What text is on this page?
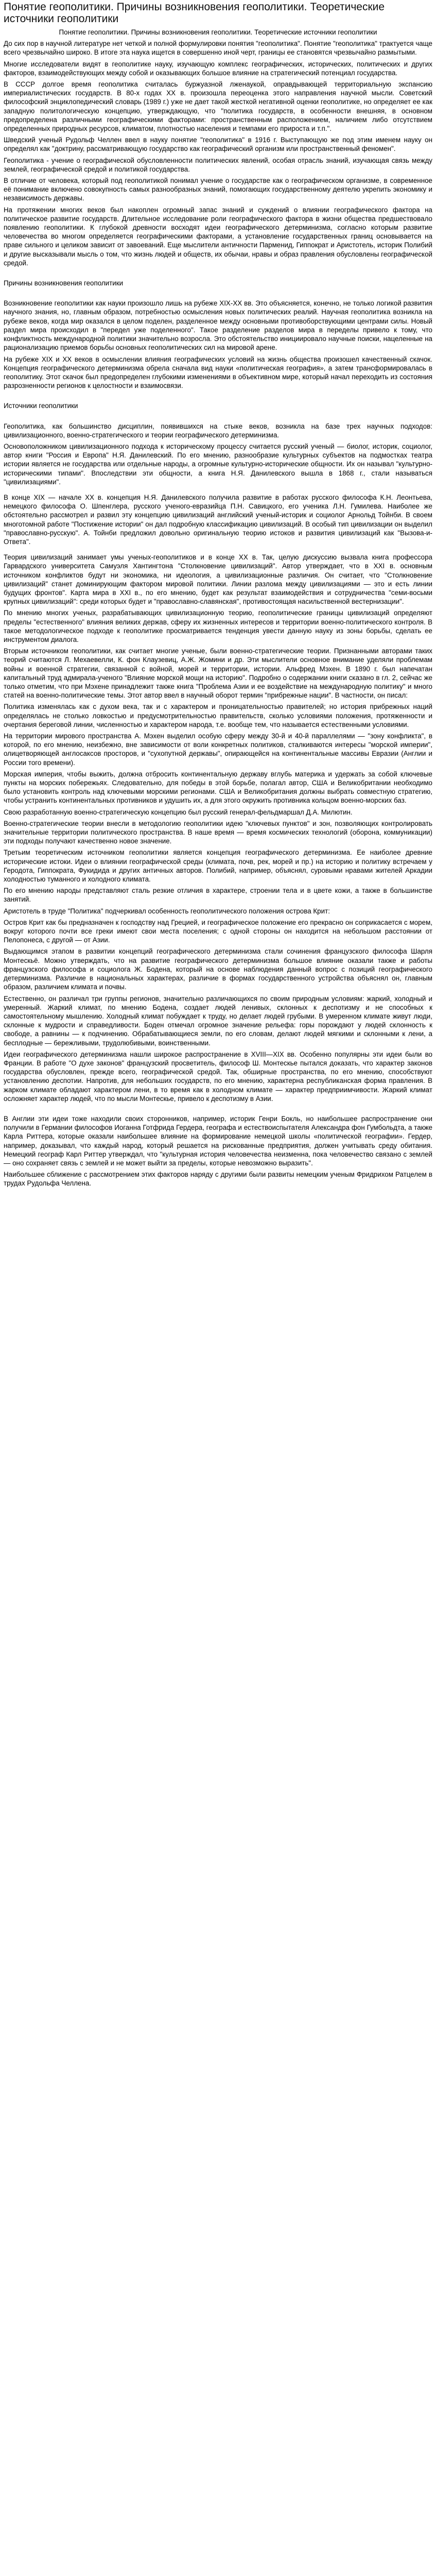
Понятие геополитики. Причины возникновения геополитики. Теоретические источники геополитики

Понятие геополитики. Причины возникновения геополитики. Теоретические источники геополитики

До сих пор в научной литературе нет четкой и полной формулировки понятия "геополитика". Понятие "геополитика" трактуется чаще всего чрезвычайно широко. В итоге эта наука ищется в совершенно иной черт, границы ее становятся чрезвычайно размытыми.

Многие исследователи видят в геополитике науку, изучающую комплекс географических, исторических, политических и других факторов, взаимодействующих между собой и оказывающих большое влияние на стратегический потенциал государства.

В СССР долгое время геополитика считалась буржуазной лженаукой, оправдывающей территориальную экспансию империалистических государств. В 80-х годах XX в. произошла переоценка этого направления научной мысли. Советский философский энциклопедический словарь (1989 г.) уже не дает такой жесткой негативной оценки геополитике, но определяет ее как западную политологическую концепцию, утверждающую, что "политика государств, в особенности внешняя, в основном предопределена различными географическими факторами: пространственным расположением, наличием либо отсутствием определенных природных ресурсов, климатом, плотностью населения и темпами его прироста и т.п.".

Шведский ученый Рудольф Челлен ввел в науку понятие "геополитика" в 1916 г. Выступающую же под этим именем науку он определял как "доктрину, рассматривающую государство как географический организм или пространственный феномен".

Геополитика - учение о географической обусловленности политических явлений, особая отрасль знаний, изучающая связь между землей, географической средой и политикой государства.

В отличие от человека, который под геополитикой понимал учение о государстве как о географическом организме, в современное её понимание включено совокупность самых разнообразных знаний, помогающих государственному деятелю укрепить экономику и независимость державы.

На протяжении многих веков был накоплен огромный запас знаний и суждений о влиянии географического фактора на политическое развитие государств. Длительное исследование роли географического фактора в жизни общества предшествовало появлению геополитики. К глубокой древности восходят идеи географического детерминизма, согласно которым развитие человечества во многом определяется географическими факторами, а установление государственных границ основывается на праве сильного и целиком зависит от завоеваний. Еще мыслители античности Парменид, Гиппократ и Аристотель, историк Полибий и другие высказывали мысль о том, что жизнь людей и обществ, их обычаи, нравы и образ правления обусловлены географической средой.

Причины возникновения геополитики

Возникновение геополитики как науки произошло лишь на рубеже XIX-XX вв. Это объясняется, конечно, не только логикой развития научного знания, но, главным образом, потребностью осмысления новых политических реалий. Научная геополитика возникла на рубеже веков, когда мир оказался в целом поделен, разделенное между основными противоборствующими центрами силы. Новый раздел мира происходил в "передел уже поделенного". Такое разделение разделов мира в переделы привело к тому, что конфликтность международной политики значительно возросла. Это обстоятельство инициировало научные поиски, нацеленные на рационализацию приемов борьбы основных геополитических сил на мировой арене.

На рубеже XIX и XX веков в осмыслении влияния географических условий на жизнь общества произошел качественный скачок. Концепция географического детерминизма обрела сначала вид науки «политическая география», а затем трансформировалась в геополитику. Этот скачок был предопределен глубокими изменениями в объективном мире, который начал переходить из состояния разрозненности регионов к целостности и взаимосвязи.

Источники геополитики

Геополитика, как большинство дисциплин, появившихся на стыке веков, возникла на базе трех научных подходов: цивилизационного, военно-стратегического и теории географического детерминизма.

Основоположником цивилизационного подхода к историческому процессу считается русский ученый — биолог, историк, социолог, автор книги "Россия и Европа" Н.Я. Данилевский. По его мнению, разнообразие культурных субъектов на подмостках театра истории является не государства или отдельные народы, а огромные культурно-исторические общности. Их он называл "культурно-историческими типами". Впоследствии эти общности, а книга Н.Я. Данилевского вышла в 1868 г., стали называться "цивилизациями".

В конце XIX — начале XX в. концепция Н.Я. Данилевского получила развитие в работах русского философа К.Н. Леонтьева, немецкого философа О. Шпенглера, русского ученого-евразийца П.Н. Савицкого, его ученика Л.Н. Гумилева. Наиболее же обстоятельно рассмотрел и развил эту концепцию цивилизаций английский ученый-историк и социолог Арнольд Тойнби. В своем многотомной работе "Постижение истории" он дал подробную классификацию цивилизаций. В особый тип цивилизации он выделил "православно-русскую". А. Тойнби предложил довольно оригинальную теорию истоков и развития цивилизаций как "Вызова-и-Ответа".

Теория цивилизаций занимает умы ученых-геополитиков и в конце XX в. Так, целую дискуссию вызвала книга профессора Гарвардского университета Самуэля Хантингтона "Столкновение цивилизаций". Автор утверждает, что в XXI в. основным источником конфликтов будут ни экономика, ни идеология, а цивилизационные различия. Он считает, что "Столкновение цивилизаций" станет доминирующим фактором мировой политики. Линии разлома между цивилизациями — это и есть линии будущих фронтов". Карта мира в XXI в., по его мнению, будет как результат взаимодействия и сотрудничества "семи-восьми крупных цивилизаций": среди которых будет и "православно-славянская", противостоящая насильственной вестернизации".

По мнению многих ученых, разрабатывающих цивилизационную теорию, геополитические границы цивилизаций определяют пределы "естественного" влияния великих держав, сферу их жизненных интересов и территории военно-политического контроля. В такое методологическое подходе к геополитике просматривается тенденция увести данную науку из зоны борьбы, сделать ее инструментом диалога.

Вторым источником геополитики, как считает многие ученые, были военно-стратегические теории. Признанными авторами таких теорий считаются Л. Мехаевелли, К. фон Клаузевиц, А.Ж. Жомини и др. Эти мыслители основное внимание уделяли проблемам войны и военной стратегии, связанной с войной, морей и территории, истории. Альфред Мэхен. В 1890 г. был напечатан капитальный труд адмирала-ученого "Влияние морской мощи на историю". Подробно о содержании книги сказано в гл. 2, сейчас же только отметим, что при Мэхене принадлежит также книга "Проблема Азии и ее воздействие на международную политику" и много статей на военно-политические темы. Этот автор ввел в научный оборот термин "прибрежные нации". В частности, он писал:

Политика изменялась как с духом века, так и с характером и проницательностью правителей; но история прибрежных наций определялась не столько ловкостью и предусмотрительностью правительств, сколько условиями положения, протяженности и очертания береговой линии, численностью и характером народа, т.е. вообще тем, что называется естественными условиями.

На территории мирового пространства А. Мэхен выделил особую сферу между 30-й и 40-й параллелями — "зону конфликта", в которой, по его мнению, неизбежно, вне зависимости от воли конкретных политиков, сталкиваются интересы "морской империи", олицетворяющей англосаксов просторов, и "сухопутной державы", опирающейся на континентальные массивы Евразии (Англии и России того времени).

Морская империя, чтобы выжить, должна отбросить континентальную державу вглубь материка и удержать за собой ключевые пункты на морских побережьях. Следовательно, для победы в этой борьбе, полагал автор, США и Великобритании необходимо было установить контроль над ключевыми морскими регионами. США и Великобритания должны выбрать совместную стратегию, чтобы устранить континентальных противников и удушить их, а для этого окружить противника кольцом военно-морских баз.

Свою разработанную военно-стратегическую концепцию был русский генерал-фельдмаршал Д.А. Милютин.

Военно-стратегические теории внесли в методологию геополитики идею "ключевых пунктов" и зон, позволяющих контролировать значительные территории политического пространства. В наше время — время космических технологий (оборона, коммуникации) эти подходы получают качественно новое значение.

Третьим теоретическим источником геополитики является концепция географического детерминизма. Ее наиболее древние исторические истоки. Идеи о влиянии географической среды (климата, почв, рек, морей и пр.) на историю и политику встречаем у Геродота, Гиппократа, Фукидида и других античных авторов. Полибий, например, объяснял, суровыми нравами жителей Аркадии холодностью туманного и холодного климата.

По его мнению народы представляют сталь резкие отличия в характере, строении тела и в цвете кожи, а также в большинстве занятий.

Аристотель в труде "Политика" подчеркивал особенность геополитического положения острова Крит:

Остров Крит как бы предназначен к господству над Грецией, и географическое положение его прекрасно он соприкасается с морем, вокруг которого почти все греки имеют свои места поселения; с одной стороны он находится на небольшом расстоянии от Пелопонеса, с другой — от Азии.

Выдающимся этапом в развитии концепций географического детерминизма стали сочинения французского философа Шарля Монтескьё. Можно утверждать, что на развитие географического детерминизма большое влияние оказали также и работы французского философа и социолога Ж. Бодена, который на основе наблюдения данный вопрос с позиций географического детерминизма. Различие в национальных характерах, различие в формах государственного устройства объяснял он, главным образом, различием климата и почвы.

Естественно, он различал три группы регионов, значительно различающихся по своим природным условиям: жаркий, холодный и умеренный. Жаркий климат, по мнению Бодена, создает людей ленивых, склонных к деспотизму и не способных к самостоятельному мышлению. Холодный климат побуждает к труду, но делает людей грубыми. В умеренном климате живут люди, склонные к мудрости и справедливости. Боден отмечал огромное значение рельефа: горы порождают у людей склонность к свободе, а равнины — к подчинению. Обрабатывающиеся земли, по его словам, делают людей мягкими и склонными к лени, а бесплодные — бережливыми, трудолюбивыми, воинственными.

Идеи географического детерминизма нашли широкое распространение в XVIII—XIX вв. Особенно популярны эти идеи были во Франции. В работе "О духе законов" французский просветитель, философ Ш. Монтескье пытался доказать, что характер законов государства обусловлен, прежде всего, географической средой. Так, обширные пространства, по его мнению, способствуют установлению деспотии. Напротив, для небольших государств, по его мнению, характерна республиканская форма правления. В жарком климате обладают характером лени, в то время как в холодном климате — характер предприимчивости. Жаркий климат осложняет характер людей, что по мысли Монтескье, привело к деспотизму в Азии.

В Англии эти идеи тоже находили своих сторонников, например, историк Генри Бокль, но наибольшее распространение они получили в Германии философов Иоганна Готфрида Гердера, географа и естествоиспытателя Александра фон Гумбольдта, а также Карла Риттера, которые оказали наибольшее влияние на формирование немецкой школы «политической географии». Гердер, например, доказывал, что каждый народ, который решается на рискованные предприятия, должен учитывать среду обитания. Немецкий географ Карл Риттер утверждал, что "культурная история человечества неизменна, пока человечество связано с землей — оно сохраняет связь с землей и не может выйти за пределы, которые невозможно выразить".

Наибольшее сближение с рассмотрением этих факторов наряду с другими были развиты немецким ученым Фридрихом Ратцелем в трудах Рудольфа Челлена.
